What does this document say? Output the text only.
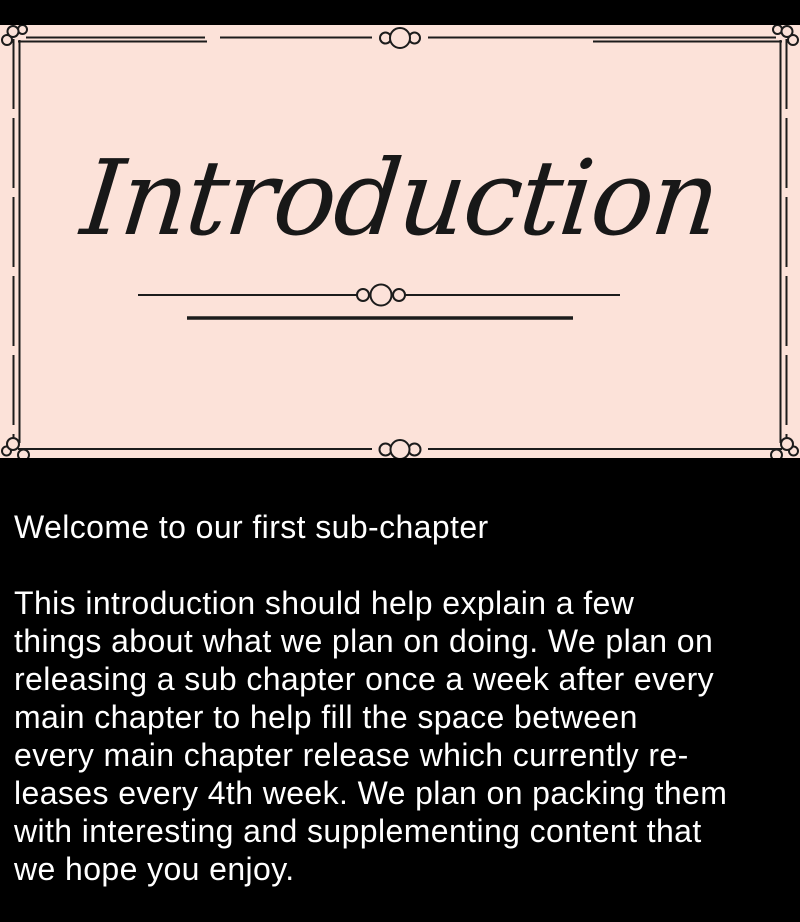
Introduction
Welcome to our first sub-chapter
This introduction should help explain a few
things about what we plan on doing. We plan on
releasing a sub chapter once a week after every
main chapter to help fill the space between
every main chapter release which currently re-
leases every 4th week. We plan on packing them
with interesting and supplementing content that
we hope you enjoy.
